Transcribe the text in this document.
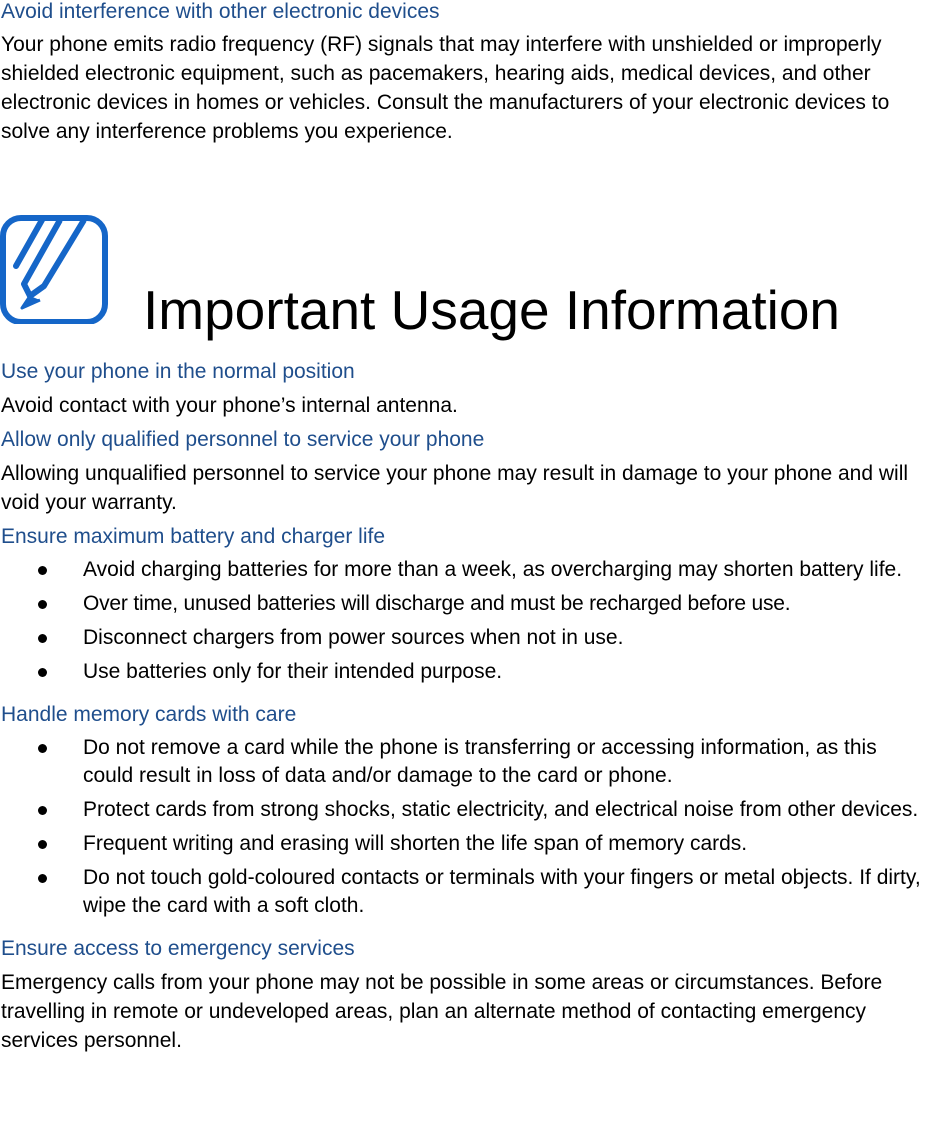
Avoid interference with other electronic devices

Your phone emits radio frequency (RF) signals that may interfere with unshielded or improperly shielded electronic equipment, such as pacemakers, hearing aids, medical devices, and other electronic devices in homes or vehicles. Consult the manufacturers of your electronic devices to solve any interference problems you experience.

Important Usage Information

Use your phone in the normal position

Avoid contact with your phone’s internal antenna.

Allow only qualified personnel to service your phone

Allowing unqualified personnel to service your phone may result in damage to your phone and will void your warranty.

Ensure maximum battery and charger life

Avoid charging batteries for more than a week, as overcharging may shorten battery life.
Over time, unused batteries will discharge and must be recharged before use.
Disconnect chargers from power sources when not in use.
Use batteries only for their intended purpose.

Handle memory cards with care

Do not remove a card while the phone is transferring or accessing information, as this could result in loss of data and/or damage to the card or phone.
Protect cards from strong shocks, static electricity, and electrical noise from other devices.
Frequent writing and erasing will shorten the life span of memory cards.
Do not touch gold-coloured contacts or terminals with your fingers or metal objects. If dirty, wipe the card with a soft cloth.

Ensure access to emergency services

Emergency calls from your phone may not be possible in some areas or circumstances. Before travelling in remote or undeveloped areas, plan an alternate method of contacting emergency services personnel.
